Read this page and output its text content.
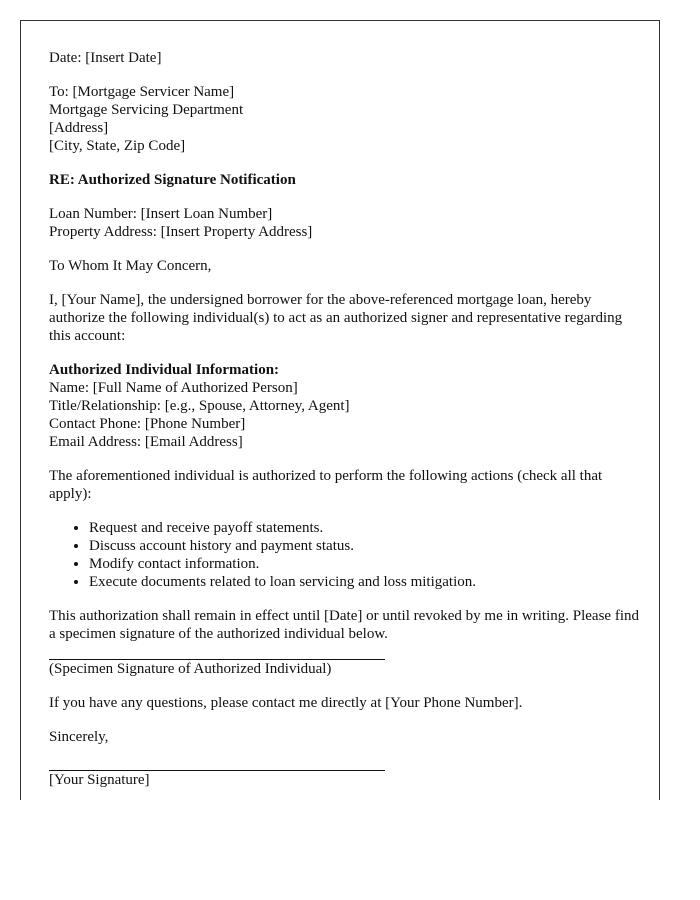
Date: [Insert Date]

To: [Mortgage Servicer Name]
Mortgage Servicing Department
[Address]
[City, State, Zip Code]

RE: Authorized Signature Notification

Loan Number: [Insert Loan Number]
Property Address: [Insert Property Address]

To Whom It May Concern,

I, [Your Name], the undersigned borrower for the above-referenced mortgage loan, hereby authorize the following individual(s) to act as an authorized signer and representative regarding this account:

Authorized Individual Information:
Name: [Full Name of Authorized Person]
Title/Relationship: [e.g., Spouse, Attorney, Agent]
Contact Phone: [Phone Number]
Email Address: [Email Address]

The aforementioned individual is authorized to perform the following actions (check all that apply):

• Request and receive payoff statements.
• Discuss account history and payment status.
• Modify contact information.
• Execute documents related to loan servicing and loss mitigation.

This authorization shall remain in effect until [Date] or until revoked by me in writing. Please find a specimen signature of the authorized individual below.

(Specimen Signature of Authorized Individual)

If you have any questions, please contact me directly at [Your Phone Number].

Sincerely,

[Your Signature]
